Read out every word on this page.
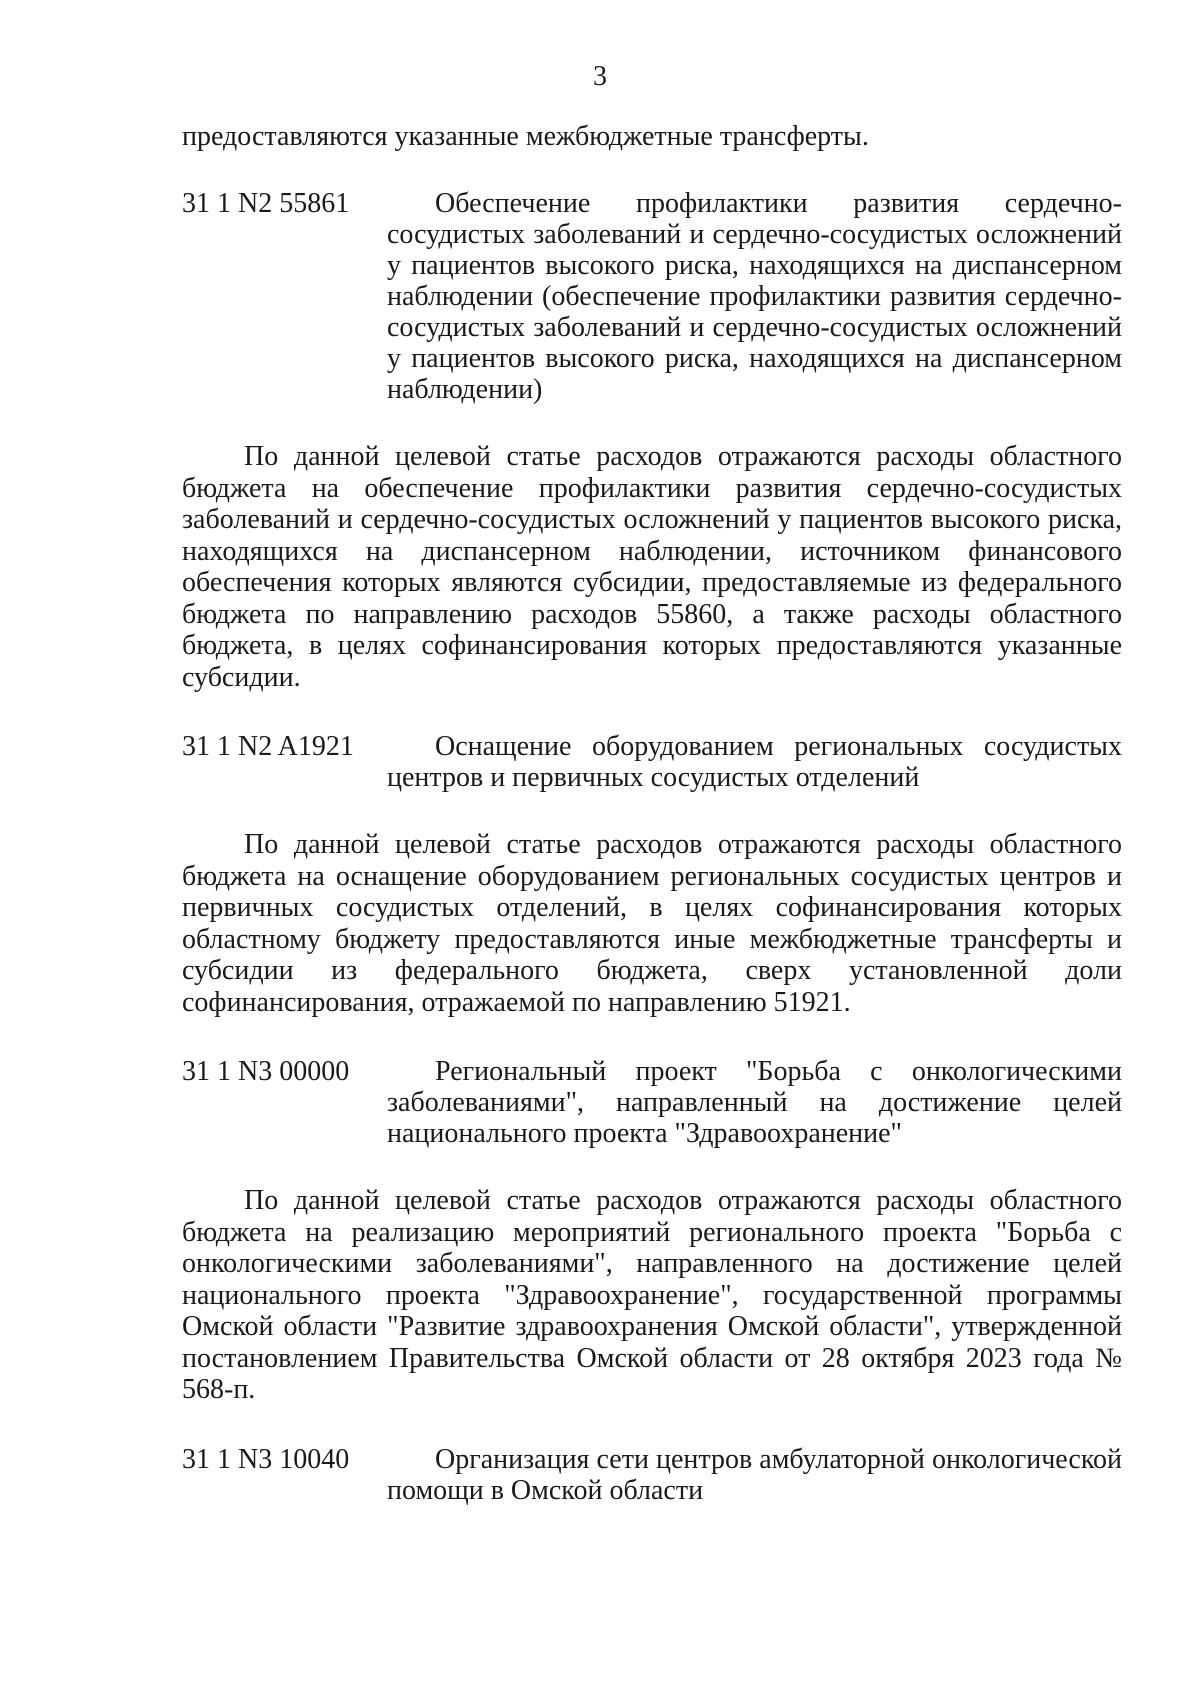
3

предоставляются указанные межбюджетные трансферты.

31 1 N2 55861	Обеспечение профилактики развития сердечно-сосудистых заболеваний и сердечно-сосудистых осложнений у пациентов высокого риска, находящихся на диспансерном наблюдении (обеспечение профилактики развития сердечно-сосудистых заболеваний и сердечно-сосудистых осложнений у пациентов высокого риска, находящихся на диспансерном наблюдении)

По данной целевой статье расходов отражаются расходы областного бюджета на обеспечение профилактики развития сердечно-сосудистых заболеваний и сердечно-сосудистых осложнений у пациентов высокого риска, находящихся на диспансерном наблюдении, источником финансового обеспечения которых являются субсидии, предоставляемые из федерального бюджета по направлению расходов 55860, а также расходы областного бюджета, в целях софинансирования которых предоставляются указанные субсидии.

31 1 N2 A1921	Оснащение оборудованием региональных сосудистых центров и первичных сосудистых отделений

По данной целевой статье расходов отражаются расходы областного бюджета на оснащение оборудованием региональных сосудистых центров и первичных сосудистых отделений, в целях софинансирования которых областному бюджету предоставляются иные межбюджетные трансферты и субсидии из федерального бюджета, сверх установленной доли софинансирования, отражаемой по направлению 51921.

31 1 N3 00000	Региональный проект "Борьба с онкологическими заболеваниями", направленный на достижение целей национального проекта "Здравоохранение"

По данной целевой статье расходов отражаются расходы областного бюджета на реализацию мероприятий регионального проекта "Борьба с онкологическими заболеваниями", направленного на достижение целей национального проекта "Здравоохранение", государственной программы Омской области "Развитие здравоохранения Омской области", утвержденной постановлением Правительства Омской области от 28 октября 2023 года № 568-п.

31 1 N3 10040	Организация сети центров амбулаторной онкологической помощи в Омской области
